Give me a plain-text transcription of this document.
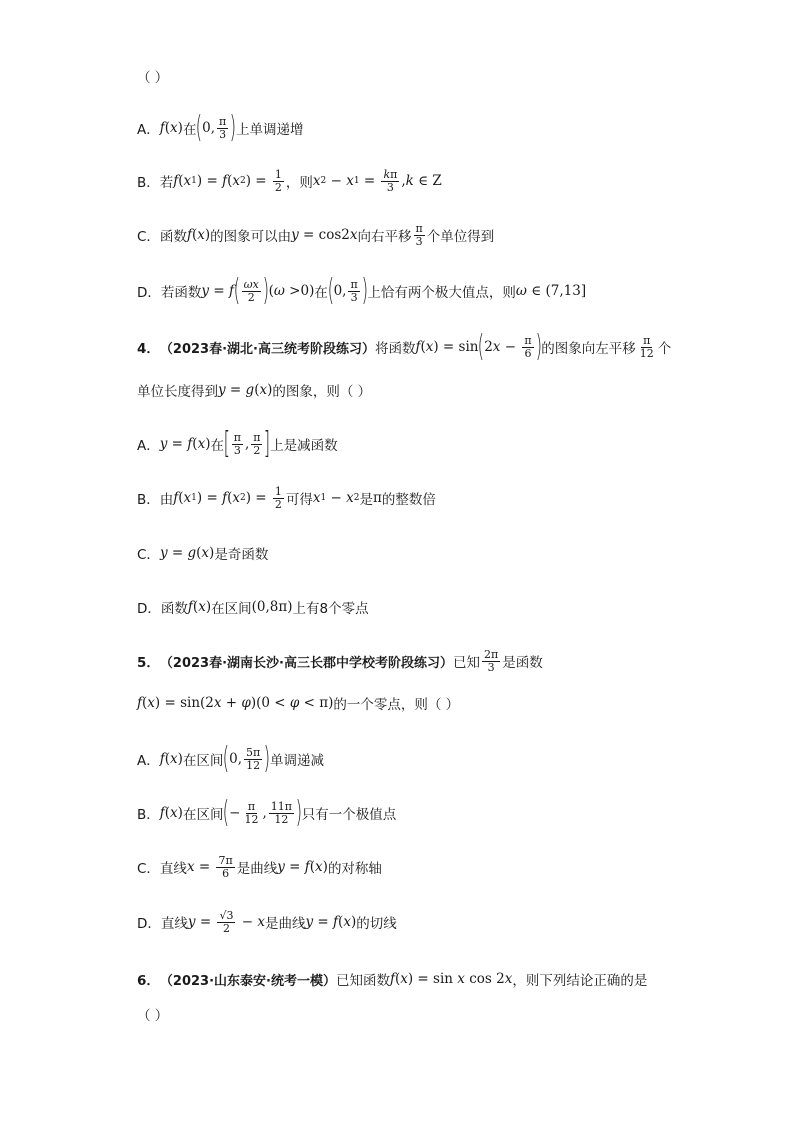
（ ）
A． f ( x ) 在 ( 0, $\frac{\pi}{3}$ ) 上单调递增
B．若 f ( x 1 ) = f ( x 2 ) = $\frac{1}{2}$ ，则 x 2 − x $1 = \frac{k\pi}{3}$ , k ∈ Z
C．函数 f ( x ) 的图象可以由 y = cos2 x 向右平移 $\frac{\pi}{3}$ 个单位得到
D．若函数 y = f ( $\frac{\omega x}{2}$ ) ( ω >0) 在 ( 0, $\frac{\pi}{3}$ ) 上恰有两个极大值点，则 ω ∈ (7,13]
4． （2023春·湖北·高三统考阶段练习） 将函数 f ( x ) = sin ( 2 $x - \frac{\pi}{6}$ ) 的图象向左平移 $\frac{\pi}{12}$ 个
单位长度得到 y = g ( x ) 的图象，则（ ）
A． y = f ( x ) 在 [ $\frac{\pi}{3}$ , $\frac{\pi}{2}$ ] 上是减函数
B．由 f ( x 1 ) = f ( x 2 ) = $\frac{1}{2}$ 可得 x 1 − x 2 是 π 的整数倍
C． y = g ( x ) 是奇函数
D．函数 f ( x ) 在区间 (0,8π) 上有8个零点
5． （2023春·湖南长沙·高三长郡中学校考阶段练习） 已知 $\frac{2\pi}{3}$ 是函数
f ( x ) = sin(2 x + φ )(0 < φ < π) 的一个零点，则（ ）
A． f ( x ) 在区间 ( 0, $\frac{5\pi}{12}$ ) 单调递减
B． f ( x ) 在区间 ( − $\frac{\pi}{12}$ , $\frac{11\pi}{12}$ ) 只有一个极值点
C．直线 $x = \frac{7\pi}{6}$ 是曲线 y = f ( x ) 的对称轴
D．直线 $y = \frac{√3}{2} - x$ 是曲线 y = f ( x ) 的切线
6． （2023·山东泰安·统考一模） 已知函数 f ( x ) = sin x cos 2 x ，则下列结论正确的是
（ ）
